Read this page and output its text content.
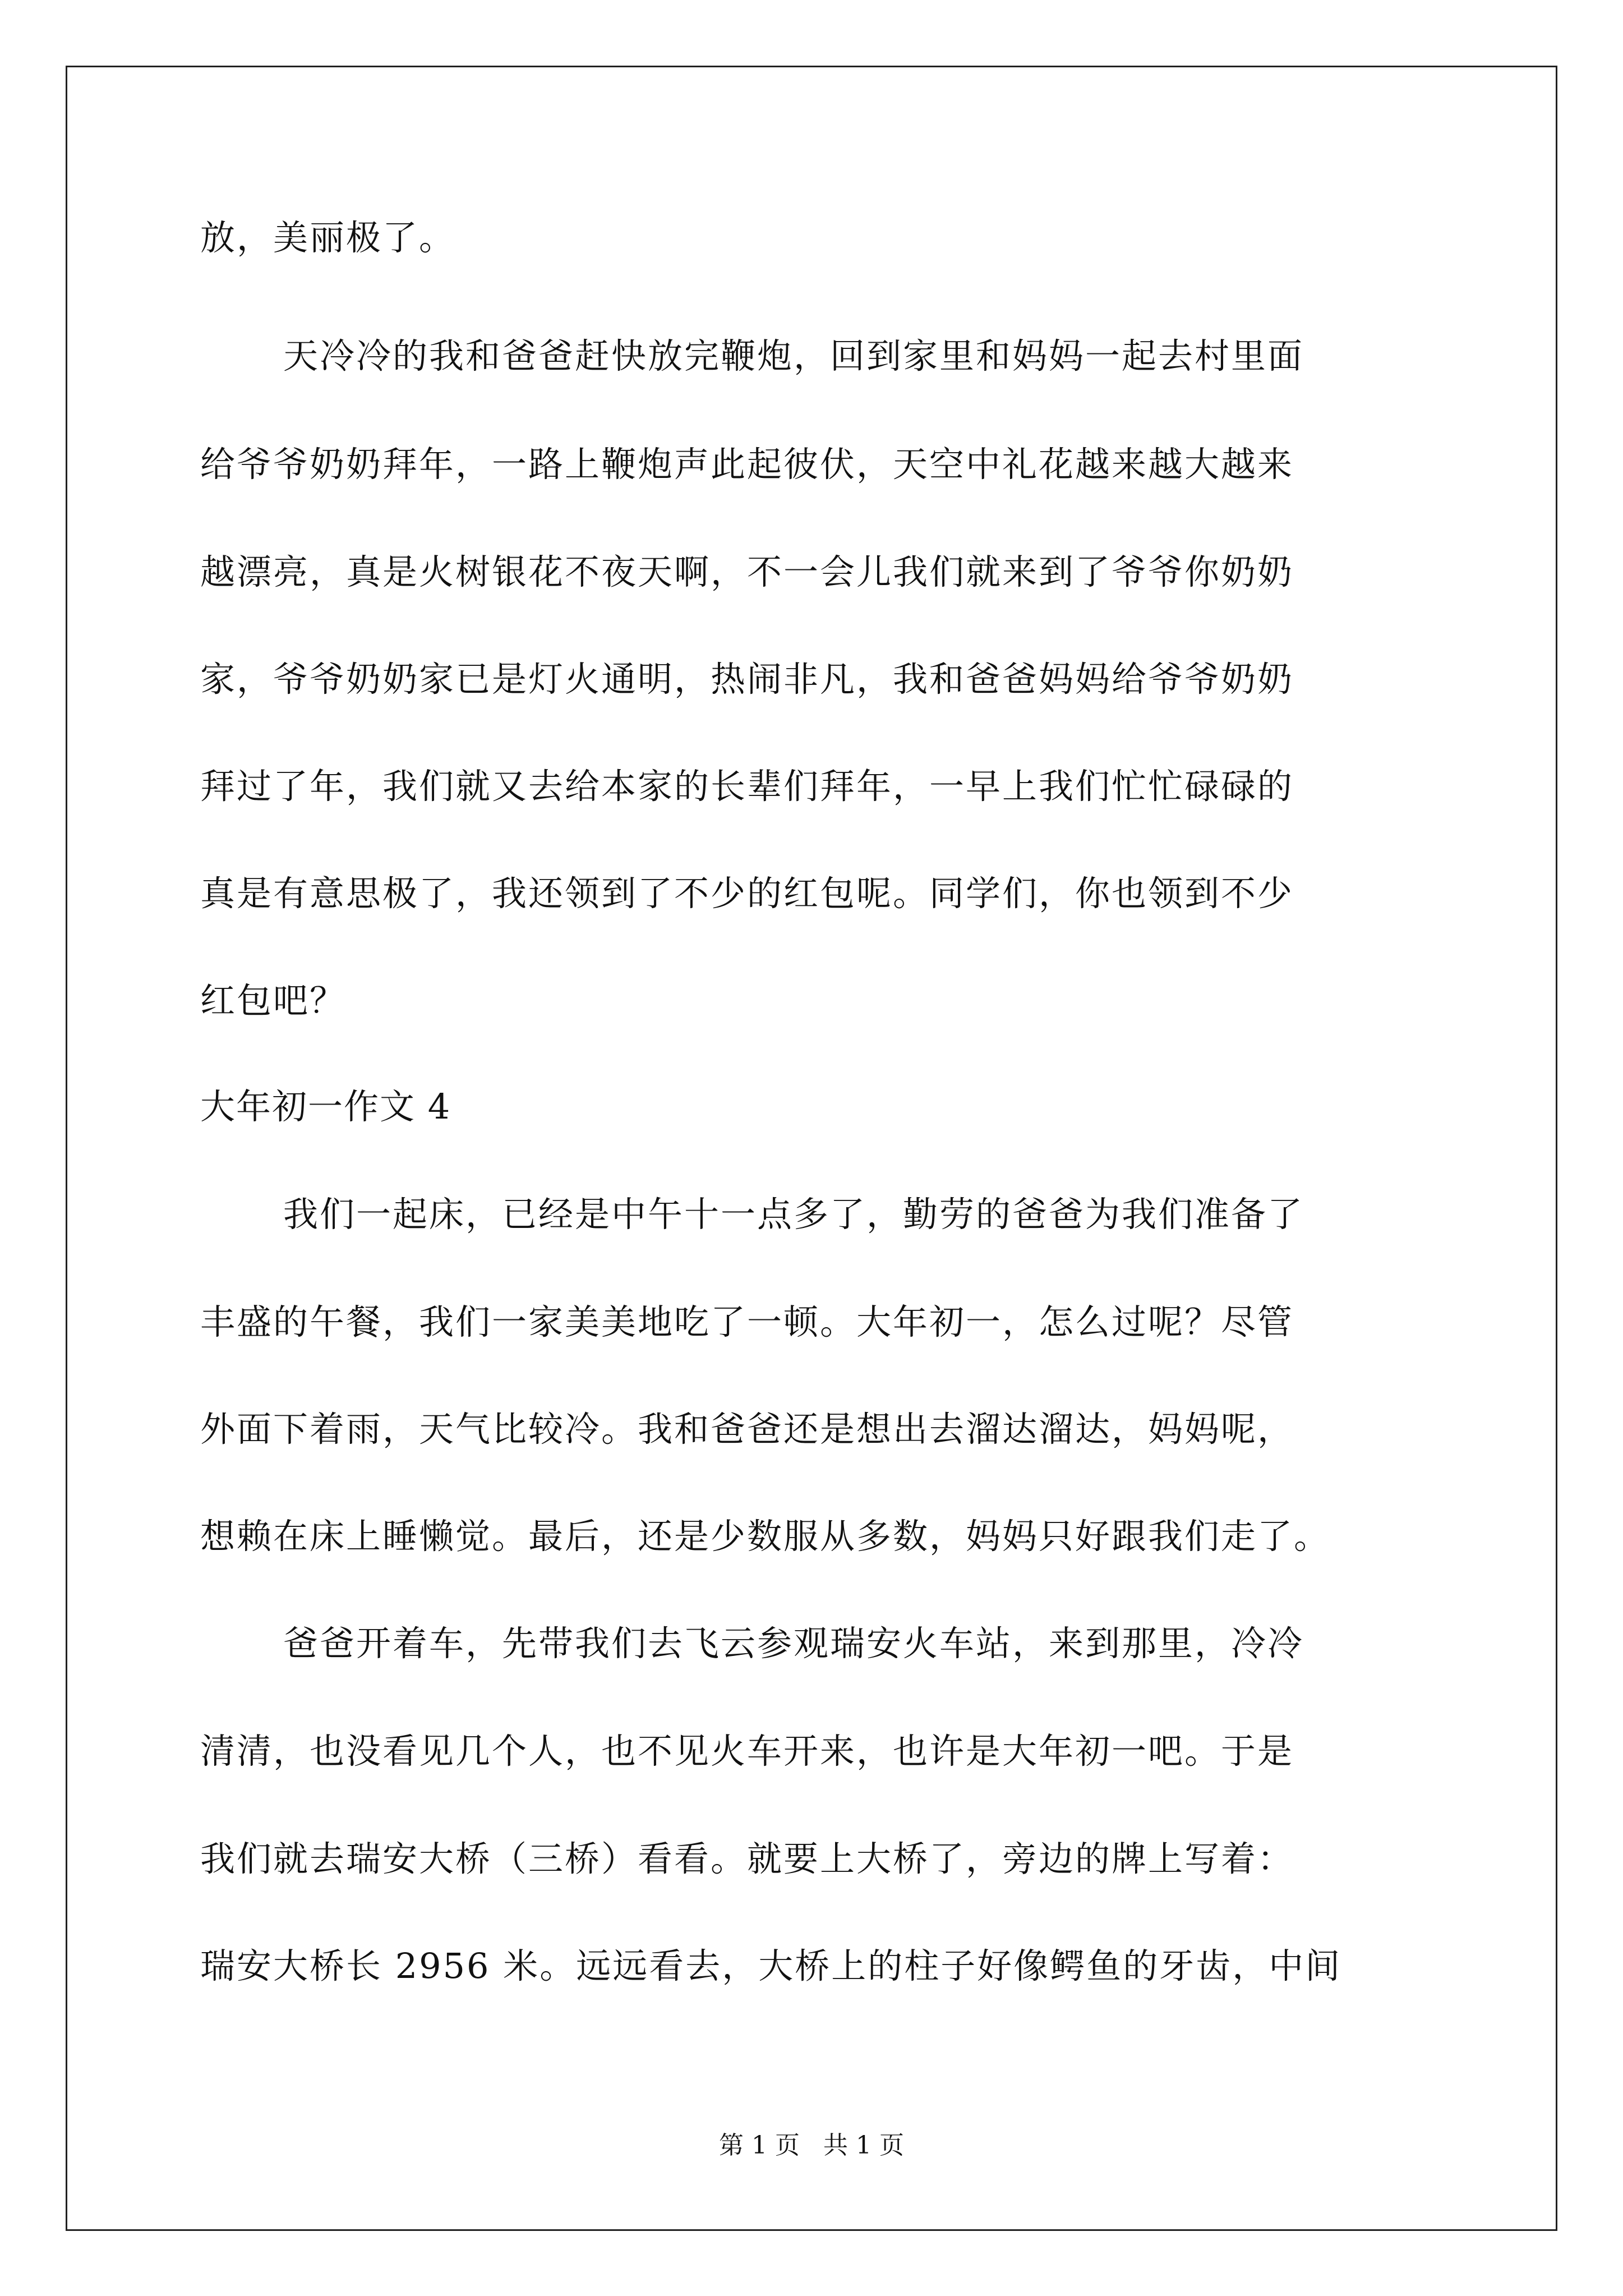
放，美丽极了。

天冷冷的我和爸爸赶快放完鞭炮，回到家里和妈妈一起去村里面

给爷爷奶奶拜年，一路上鞭炮声此起彼伏，天空中礼花越来越大越来

越漂亮，真是火树银花不夜天啊，不一会儿我们就来到了爷爷你奶奶

家，爷爷奶奶家已是灯火通明，热闹非凡，我和爸爸妈妈给爷爷奶奶

拜过了年，我们就又去给本家的长辈们拜年，一早上我们忙忙碌碌的

真是有意思极了，我还领到了不少的红包呢。同学们，你也领到不少

红包吧？

大年初一作文 4

我们一起床，已经是中午十一点多了，勤劳的爸爸为我们准备了

丰盛的午餐，我们一家美美地吃了一顿。大年初一，怎么过呢？尽管

外面下着雨，天气比较冷。我和爸爸还是想出去溜达溜达，妈妈呢，

想赖在床上睡懒觉。最后，还是少数服从多数，妈妈只好跟我们走了。

爸爸开着车，先带我们去飞云参观瑞安火车站，来到那里，冷冷

清清，也没看见几个人，也不见火车开来，也许是大年初一吧。于是

我们就去瑞安大桥（三桥）看看。就要上大桥了，旁边的牌上写着：

瑞安大桥长 2956 米。远远看去，大桥上的柱子好像鳄鱼的牙齿，中间

第 1 页   共 1 页
